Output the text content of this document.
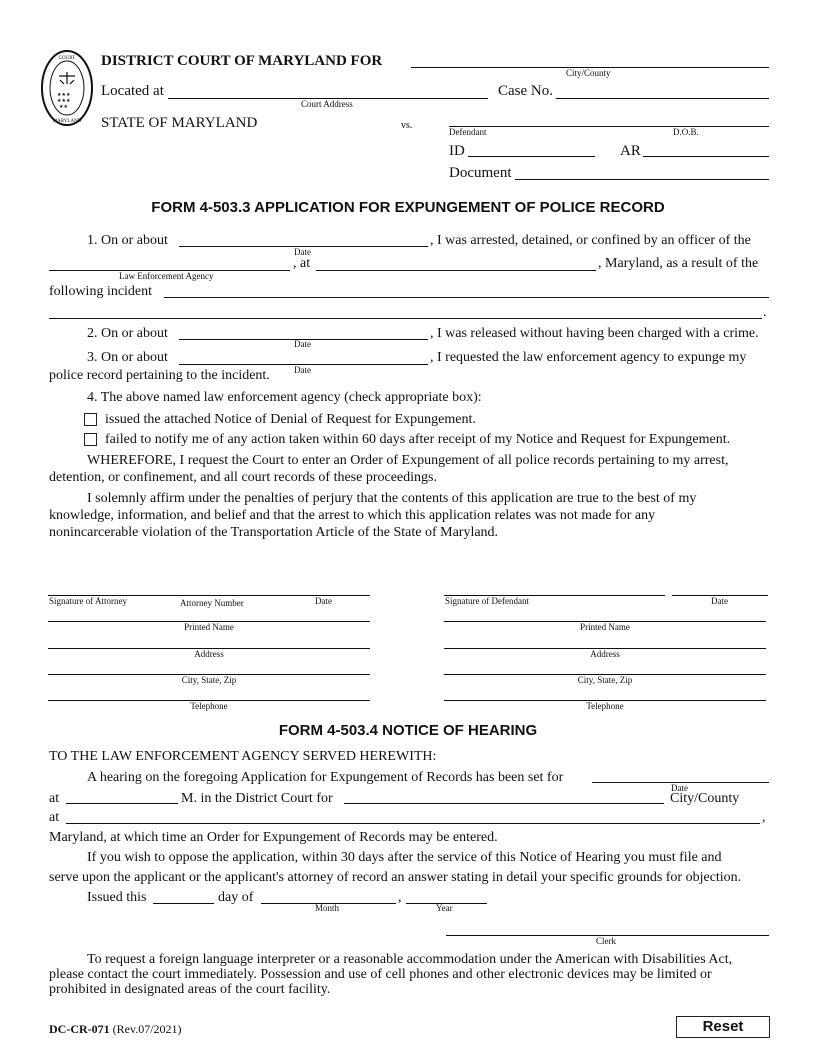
★★★
★★★
★★
COURT
MARYLAND
DISTRICT COURT OF MARYLAND FOR
City/County
Located at
Court Address
Case No.
STATE OF MARYLAND	vs.
Defendant	D.O.B.
ID	AR
Document
FORM 4-503.3 APPLICATION FOR EXPUNGEMENT OF POLICE RECORD
1. On or about
Date
, I was arrested, detained, or confined by an officer of the
Law Enforcement Agency
, at	, Maryland, as a result of the
following incident
.
2. On or about
Date
, I was released without having been charged with a crime.
3. On or about
Date
, I requested the law enforcement agency to expunge my
police record pertaining to the incident.
4. The above named law enforcement agency (check appropriate box):
issued the attached Notice of Denial of Request for Expungement.
failed to notify me of any action taken within 60 days after receipt of my Notice and Request for Expungement.
WHEREFORE, I request the Court to enter an Order of Expungement of all police records pertaining to my arrest,
detention, or confinement, and all court records of these proceedings.
I solemnly affirm under the penalties of perjury that the contents of this application are true to the best of my
knowledge, information, and belief and that the arrest to which this application relates was not made for any
nonincarcerable violation of the Transportation Article of the State of Maryland.
Signature of Attorney	Attorney Number	Date
Printed Name
Address
City, State, Zip
Telephone
Signature of Defendant	Date
Printed Name
Address
City, State, Zip
Telephone
FORM 4-503.4 NOTICE OF HEARING
TO THE LAW ENFORCEMENT AGENCY SERVED HEREWITH:
A hearing on the foregoing Application for Expungement of Records has been set for
Date
at	M. in the District Court for	City/County
at	,
Maryland, at which time an Order for Expungement of Records may be entered.
If you wish to oppose the application, within 30 days after the service of this Notice of Hearing you must file and
serve upon the applicant or the applicant's attorney of record an answer stating in detail your specific grounds for objection.
Issued this	day of
Month
,
Year
Clerk
To request a foreign language interpreter or a reasonable accommodation under the American with Disabilities Act,
please contact the court immediately. Possession and use of cell phones and other electronic devices may be limited or
prohibited in designated areas of the court facility.
DC-CR-071 (Rev.07/2021)	Reset
